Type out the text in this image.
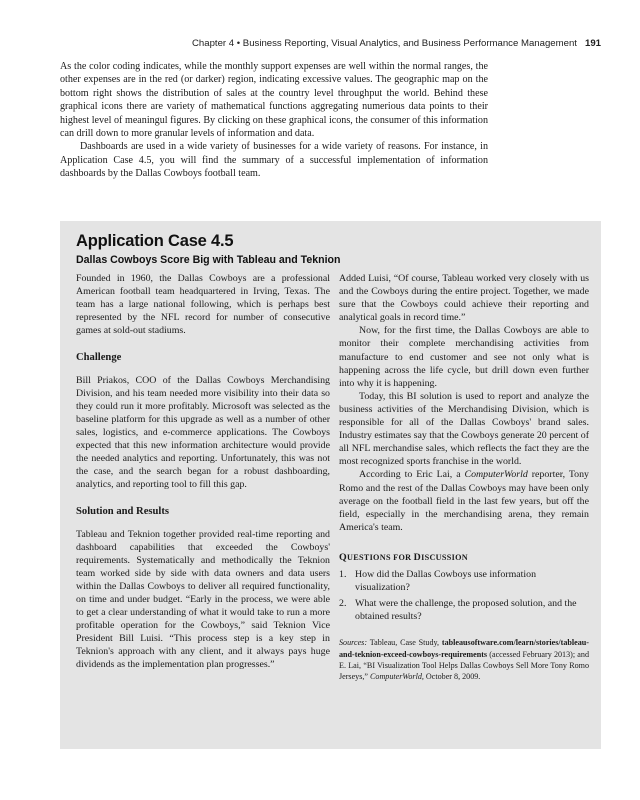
Chapter 4 • Business Reporting, Visual Analytics, and Business Performance Management 191

As the color coding indicates, while the monthly support expenses are well within the normal ranges, the other expenses are in the red (or darker) region, indicating excessive values. The geographic map on the bottom right shows the distribution of sales at the country level throughput the world. Behind these graphical icons there are variety of mathematical functions aggregating numerious data points to their highest level of meaningul figures. By clicking on these graphical icons, the consumer of this information can drill down to more granular levels of information and data.

Dashboards are used in a wide variety of businesses for a wide variety of reasons. For instance, in Application Case 4.5, you will find the summary of a successful implementation of information dashboards by the Dallas Cowboys football team.

Application Case 4.5
Dallas Cowboys Score Big with Tableau and Teknion

Founded in 1960, the Dallas Cowboys are a professional American football team headquartered in Irving, Texas. The team has a large national following, which is perhaps best represented by the NFL record for number of consecutive games at sold-out stadiums.

Challenge

Bill Priakos, COO of the Dallas Cowboys Merchandising Division, and his team needed more visibility into their data so they could run it more profitably. Microsoft was selected as the baseline platform for this upgrade as well as a number of other sales, logistics, and e-commerce applications. The Cowboys expected that this new information architecture would provide the needed analytics and reporting. Unfortunately, this was not the case, and the search began for a robust dashboarding, analytics, and reporting tool to fill this gap.

Solution and Results

Tableau and Teknion together provided real-time reporting and dashboard capabilities that exceeded the Cowboys' requirements. Systematically and methodically the Teknion team worked side by side with data owners and data users within the Dallas Cowboys to deliver all required functionality, on time and under budget. “Early in the process, we were able to get a clear understanding of what it would take to run a more profitable operation for the Cowboys,” said Teknion Vice President Bill Luisi. “This process step is a key step in Teknion's approach with any client, and it always pays huge dividends as the implementation plan progresses.”

Added Luisi, “Of course, Tableau worked very closely with us and the Cowboys during the entire project. Together, we made sure that the Cowboys could achieve their reporting and analytical goals in record time.”

Now, for the first time, the Dallas Cowboys are able to monitor their complete merchandising activities from manufacture to end customer and see not only what is happening across the life cycle, but drill down even further into why it is happening.

Today, this BI solution is used to report and analyze the business activities of the Merchandising Division, which is responsible for all of the Dallas Cowboys' brand sales. Industry estimates say that the Cowboys generate 20 percent of all NFL merchandise sales, which reflects the fact they are the most recognized sports franchise in the world.

According to Eric Lai, a ComputerWorld reporter, Tony Romo and the rest of the Dallas Cowboys may have been only average on the football field in the last few years, but off the field, especially in the merchandising arena, they remain America's team.

QUESTIONS FOR DISCUSSION
1. How did the Dallas Cowboys use information visualization?
2. What were the challenge, the proposed solution, and the obtained results?
Sources: Tableau, Case Study, tableausoftware.com/learn/stories/tableau-and-teknion-exceed-cowboys-requirements (accessed February 2013); and E. Lai, “BI Visualization Tool Helps Dallas Cowboys Sell More Tony Romo Jerseys,” ComputerWorld, October 8, 2009.
